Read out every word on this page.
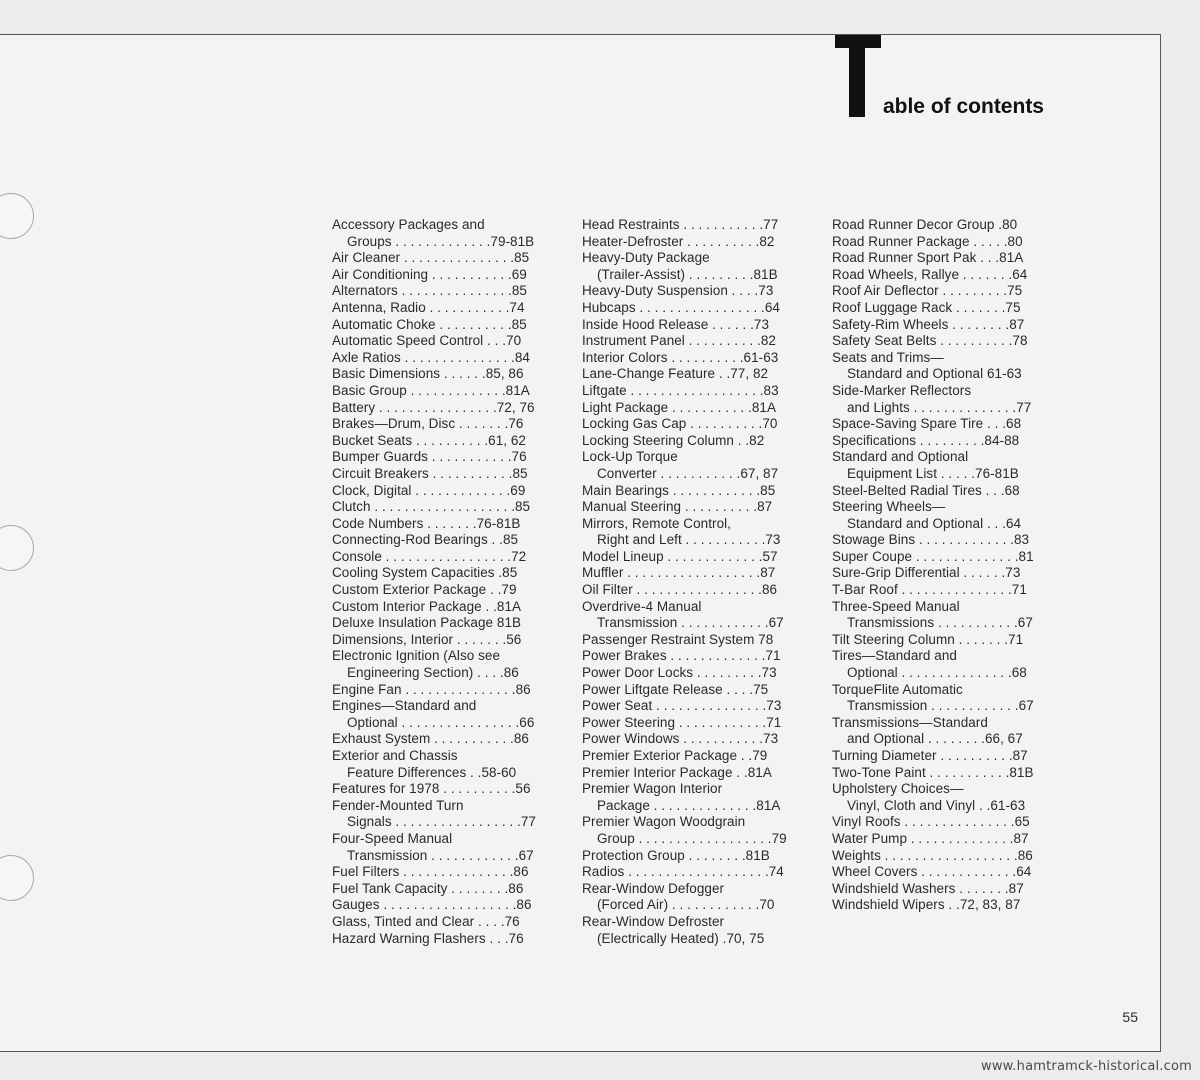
able of contents
Accessory Packages and
Groups . . . . . . . . . . . . .79-81B
Air Cleaner . . . . . . . . . . . . . . .85
Air Conditioning . . . . . . . . . . .69
Alternators . . . . . . . . . . . . . . .85
Antenna, Radio . . . . . . . . . . .74
Automatic Choke . . . . . . . . . .85
Automatic Speed Control . . .70
Axle Ratios . . . . . . . . . . . . . . .84
Basic Dimensions . . . . . .85, 86
Basic Group . . . . . . . . . . . . .81A
Battery . . . . . . . . . . . . . . . .72, 76
Brakes—Drum, Disc . . . . . . .76
Bucket Seats . . . . . . . . . .61, 62
Bumper Guards . . . . . . . . . . .76
Circuit Breakers . . . . . . . . . . .85
Clock, Digital . . . . . . . . . . . . .69
Clutch . . . . . . . . . . . . . . . . . . .85
Code Numbers . . . . . . .76-81B
Connecting-Rod Bearings . .85
Console . . . . . . . . . . . . . . . . .72
Cooling System Capacities .85
Custom Exterior Package . .79
Custom Interior Package . .81A
Deluxe Insulation Package 81B
Dimensions, Interior . . . . . . .56
Electronic Ignition (Also see
Engineering Section) . . . .86
Engine Fan . . . . . . . . . . . . . . .86
Engines—Standard and
Optional . . . . . . . . . . . . . . . .66
Exhaust System . . . . . . . . . . .86
Exterior and Chassis
Feature Differences . .58-60
Features for 1978 . . . . . . . . . .56
Fender-Mounted Turn
Signals . . . . . . . . . . . . . . . . .77
Four-Speed Manual
Transmission . . . . . . . . . . . .67
Fuel Filters . . . . . . . . . . . . . . .86
Fuel Tank Capacity . . . . . . . .86
Gauges . . . . . . . . . . . . . . . . . .86
Glass, Tinted and Clear . . . .76
Hazard Warning Flashers . . .76
Head Restraints . . . . . . . . . . .77
Heater-Defroster . . . . . . . . . .82
Heavy-Duty Package
(Trailer-Assist) . . . . . . . . .81B
Heavy-Duty Suspension . . . .73
Hubcaps . . . . . . . . . . . . . . . . .64
Inside Hood Release . . . . . .73
Instrument Panel . . . . . . . . . .82
Interior Colors . . . . . . . . . .61-63
Lane-Change Feature . .77, 82
Liftgate . . . . . . . . . . . . . . . . . .83
Light Package . . . . . . . . . . .81A
Locking Gas Cap . . . . . . . . . .70
Locking Steering Column . .82
Lock-Up Torque
Converter . . . . . . . . . . .67, 87
Main Bearings . . . . . . . . . . . .85
Manual Steering . . . . . . . . . .87
Mirrors, Remote Control,
Right and Left . . . . . . . . . . .73
Model Lineup . . . . . . . . . . . . .57
Muffler . . . . . . . . . . . . . . . . . .87
Oil Filter . . . . . . . . . . . . . . . . .86
Overdrive-4 Manual
Transmission . . . . . . . . . . . .67
Passenger Restraint System 78
Power Brakes . . . . . . . . . . . . .71
Power Door Locks . . . . . . . . .73
Power Liftgate Release . . . .75
Power Seat . . . . . . . . . . . . . . .73
Power Steering . . . . . . . . . . . .71
Power Windows . . . . . . . . . . .73
Premier Exterior Package . .79
Premier Interior Package . .81A
Premier Wagon Interior
Package . . . . . . . . . . . . . .81A
Premier Wagon Woodgrain
Group . . . . . . . . . . . . . . . . . .79
Protection Group . . . . . . . .81B
Radios . . . . . . . . . . . . . . . . . . .74
Rear-Window Defogger
(Forced Air) . . . . . . . . . . . .70
Rear-Window Defroster
(Electrically Heated) .70, 75
Road Runner Decor Group .80
Road Runner Package . . . . .80
Road Runner Sport Pak . . .81A
Road Wheels, Rallye . . . . . . .64
Roof Air Deflector . . . . . . . . .75
Roof Luggage Rack . . . . . . .75
Safety-Rim Wheels . . . . . . . .87
Safety Seat Belts . . . . . . . . . .78
Seats and Trims—
Standard and Optional 61-63
Side-Marker Reflectors
and Lights . . . . . . . . . . . . . .77
Space-Saving Spare Tire . . .68
Specifications . . . . . . . . .84-88
Standard and Optional
Equipment List . . . . .76-81B
Steel-Belted Radial Tires . . .68
Steering Wheels—
Standard and Optional . . .64
Stowage Bins . . . . . . . . . . . . .83
Super Coupe . . . . . . . . . . . . . .81
Sure-Grip Differential . . . . . .73
T-Bar Roof . . . . . . . . . . . . . . .71
Three-Speed Manual
Transmissions . . . . . . . . . . .67
Tilt Steering Column . . . . . . .71
Tires—Standard and
Optional . . . . . . . . . . . . . . .68
TorqueFlite Automatic
Transmission . . . . . . . . . . . .67
Transmissions—Standard
and Optional . . . . . . . .66, 67
Turning Diameter . . . . . . . . . .87
Two-Tone Paint . . . . . . . . . . .81B
Upholstery Choices—
Vinyl, Cloth and Vinyl . .61-63
Vinyl Roofs . . . . . . . . . . . . . . .65
Water Pump . . . . . . . . . . . . . .87
Weights . . . . . . . . . . . . . . . . . .86
Wheel Covers . . . . . . . . . . . . .64
Windshield Washers . . . . . . .87
Windshield Wipers . .72, 83, 87
55
www.hamtramck-historical.com
